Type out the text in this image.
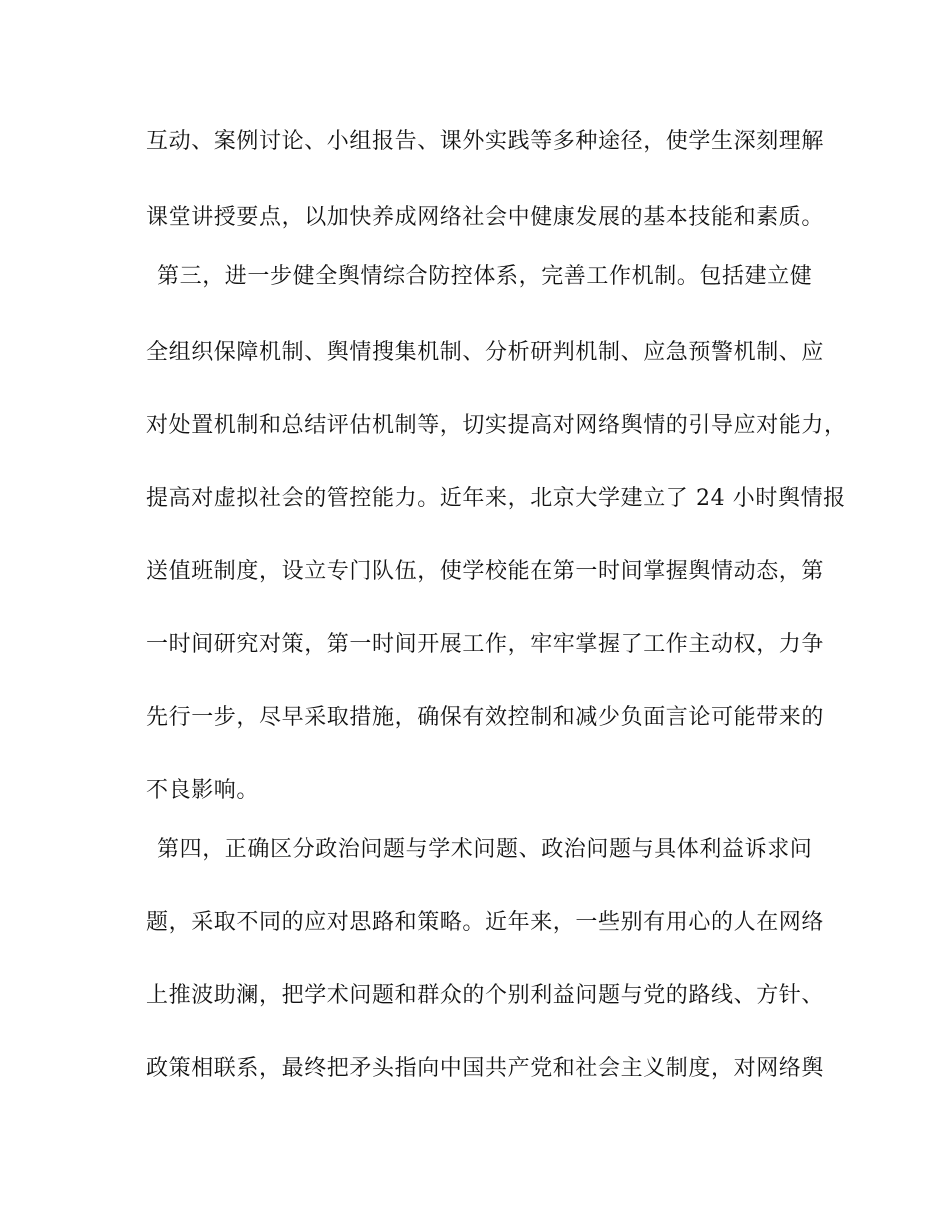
互动、案例讨论、小组报告、课外实践等多种途径，使学生深刻理解

课堂讲授要点，以加快养成网络社会中健康发展的基本技能和素质。

第三，进一步健全舆情综合防控体系，完善工作机制。包括建立健

全组织保障机制、舆情搜集机制、分析研判机制、应急预警机制、应

对处置机制和总结评估机制等，切实提高对网络舆情的引导应对能力，

提高对虚拟社会的管控能力。近年来，北京大学建立了 24 小时舆情报

送值班制度，设立专门队伍，使学校能在第一时间掌握舆情动态，第

一时间研究对策，第一时间开展工作，牢牢掌握了工作主动权，力争

先行一步，尽早采取措施，确保有效控制和减少负面言论可能带来的

不良影响。

第四，正确区分政治问题与学术问题、政治问题与具体利益诉求问

题，采取不同的应对思路和策略。近年来，一些别有用心的人在网络

上推波助澜，把学术问题和群众的个别利益问题与党的路线、方针、

政策相联系，最终把矛头指向中国共产党和社会主义制度，对网络舆
